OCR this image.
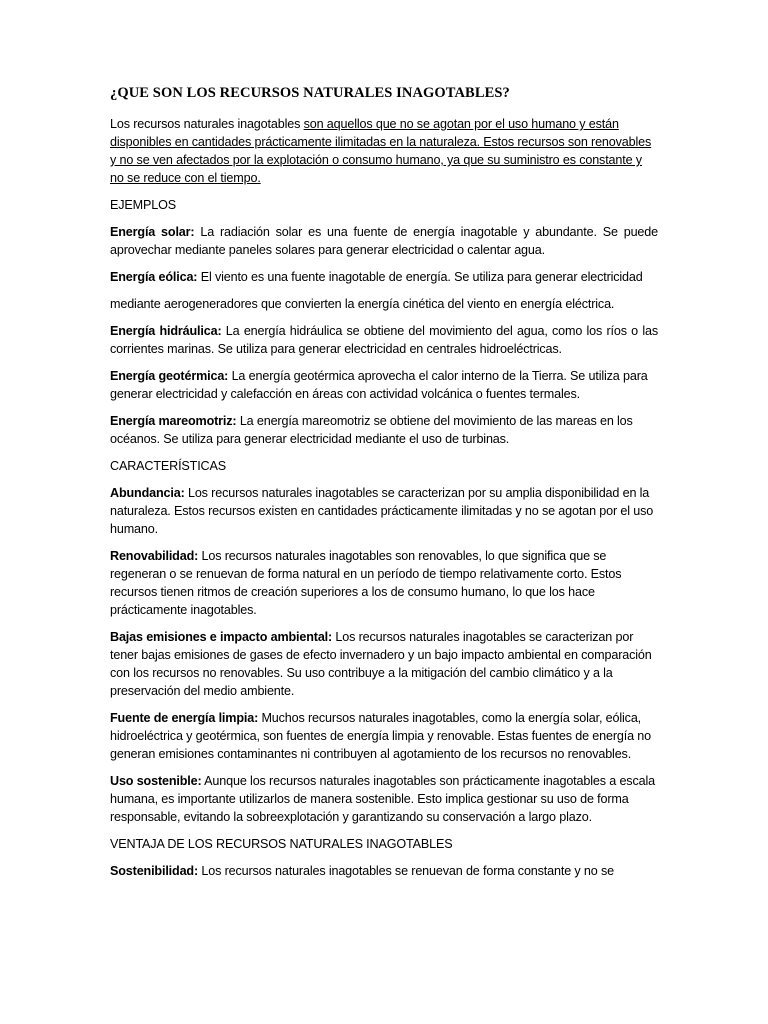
¿QUE SON LOS RECURSOS NATURALES INAGOTABLES?

Los recursos naturales inagotables son aquellos que no se agotan por el uso humano y están disponibles en cantidades prácticamente ilimitadas en la naturaleza. Estos recursos son renovables y no se ven afectados por la explotación o consumo humano, ya que su suministro es constante y no se reduce con el tiempo.

EJEMPLOS

Energía solar: La radiación solar es una fuente de energía inagotable y abundante. Se puede aprovechar mediante paneles solares para generar electricidad o calentar agua.

Energía eólica: El viento es una fuente inagotable de energía. Se utiliza para generar electricidad

mediante aerogeneradores que convierten la energía cinética del viento en energía eléctrica.

Energía hidráulica: La energía hidráulica se obtiene del movimiento del agua, como los ríos o las corrientes marinas. Se utiliza para generar electricidad en centrales hidroeléctricas.

Energía geotérmica: La energía geotérmica aprovecha el calor interno de la Tierra. Se utiliza para generar electricidad y calefacción en áreas con actividad volcánica o fuentes termales.

Energía mareomotriz: La energía mareomotriz se obtiene del movimiento de las mareas en los océanos. Se utiliza para generar electricidad mediante el uso de turbinas.

CARACTERÍSTICAS

Abundancia: Los recursos naturales inagotables se caracterizan por su amplia disponibilidad en la naturaleza. Estos recursos existen en cantidades prácticamente ilimitadas y no se agotan por el uso humano.

Renovabilidad: Los recursos naturales inagotables son renovables, lo que significa que se regeneran o se renuevan de forma natural en un período de tiempo relativamente corto. Estos recursos tienen ritmos de creación superiores a los de consumo humano, lo que los hace prácticamente inagotables.

Bajas emisiones e impacto ambiental: Los recursos naturales inagotables se caracterizan por tener bajas emisiones de gases de efecto invernadero y un bajo impacto ambiental en comparación con los recursos no renovables. Su uso contribuye a la mitigación del cambio climático y a la preservación del medio ambiente.

Fuente de energía limpia: Muchos recursos naturales inagotables, como la energía solar, eólica, hidroeléctrica y geotérmica, son fuentes de energía limpia y renovable. Estas fuentes de energía no generan emisiones contaminantes ni contribuyen al agotamiento de los recursos no renovables.

Uso sostenible: Aunque los recursos naturales inagotables son prácticamente inagotables a escala humana, es importante utilizarlos de manera sostenible. Esto implica gestionar su uso de forma responsable, evitando la sobreexplotación y garantizando su conservación a largo plazo.

VENTAJA DE LOS RECURSOS NATURALES INAGOTABLES

Sostenibilidad: Los recursos naturales inagotables se renuevan de forma constante y no se
